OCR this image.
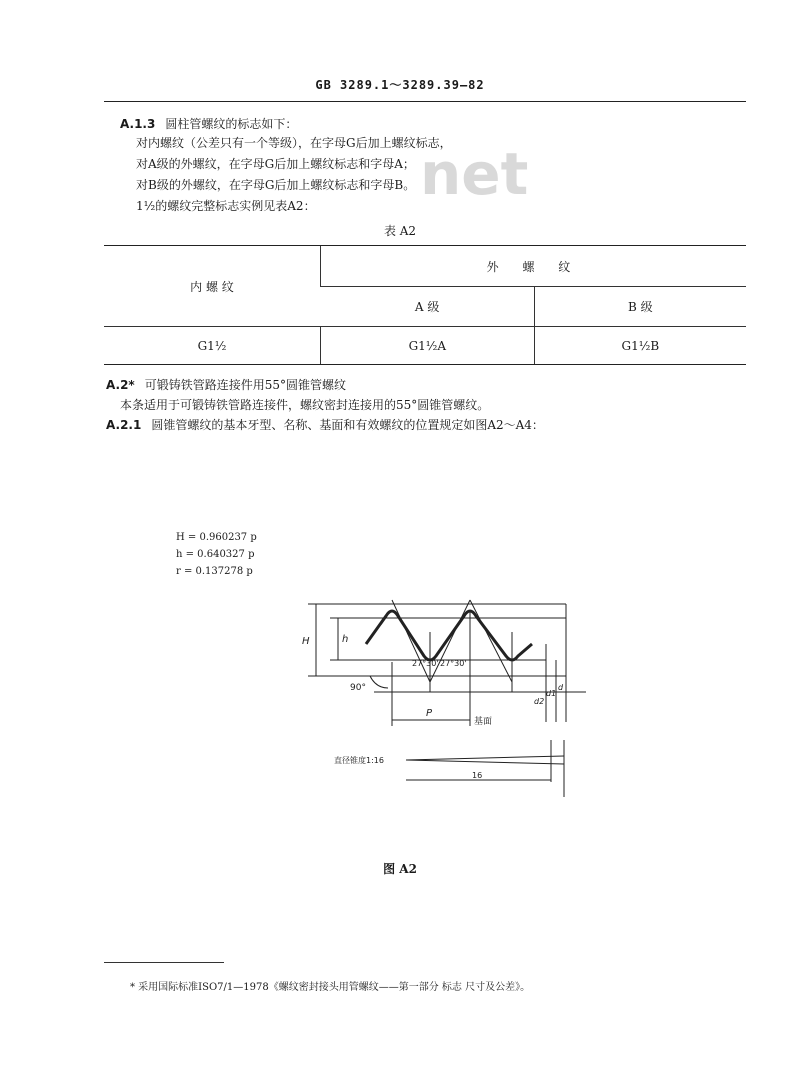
GB 3289.1～3289.39—82
net
A.1.3 圆柱管螺纹的标志如下：
对内螺纹（公差只有一个等级），在字母G后加上螺纹标志，
对A级的外螺纹，在字母G后加上螺纹标志和字母A；
对B级的外螺纹，在字母G后加上螺纹标志和字母B。
1½的螺纹完整标志实例见表A2：
表 A2
内 螺 纹	外 螺 纹	
	A 级	B 级
G1½	G1½A	G1½B
A.2* 可锻铸铁管路连接件用55°圆锥管螺纹
本条适用于可锻铸铁管路连接件，螺纹密封连接用的55°圆锥管螺纹。
A.2.1 圆锥管螺纹的基本牙型、名称、基面和有效螺纹的位置规定如图A2～A4：
H = 0.960237 p
h = 0.640327 p
r = 0.137278 p
H	h
90°
27°30' 27°30'
P
基面
d2
d1
d
直径锥度1:16
16
图 A2
* 采用国际标准ISO7/1—1978《螺纹密封接头用管螺纹——第一部分 标志 尺寸及公差》。
